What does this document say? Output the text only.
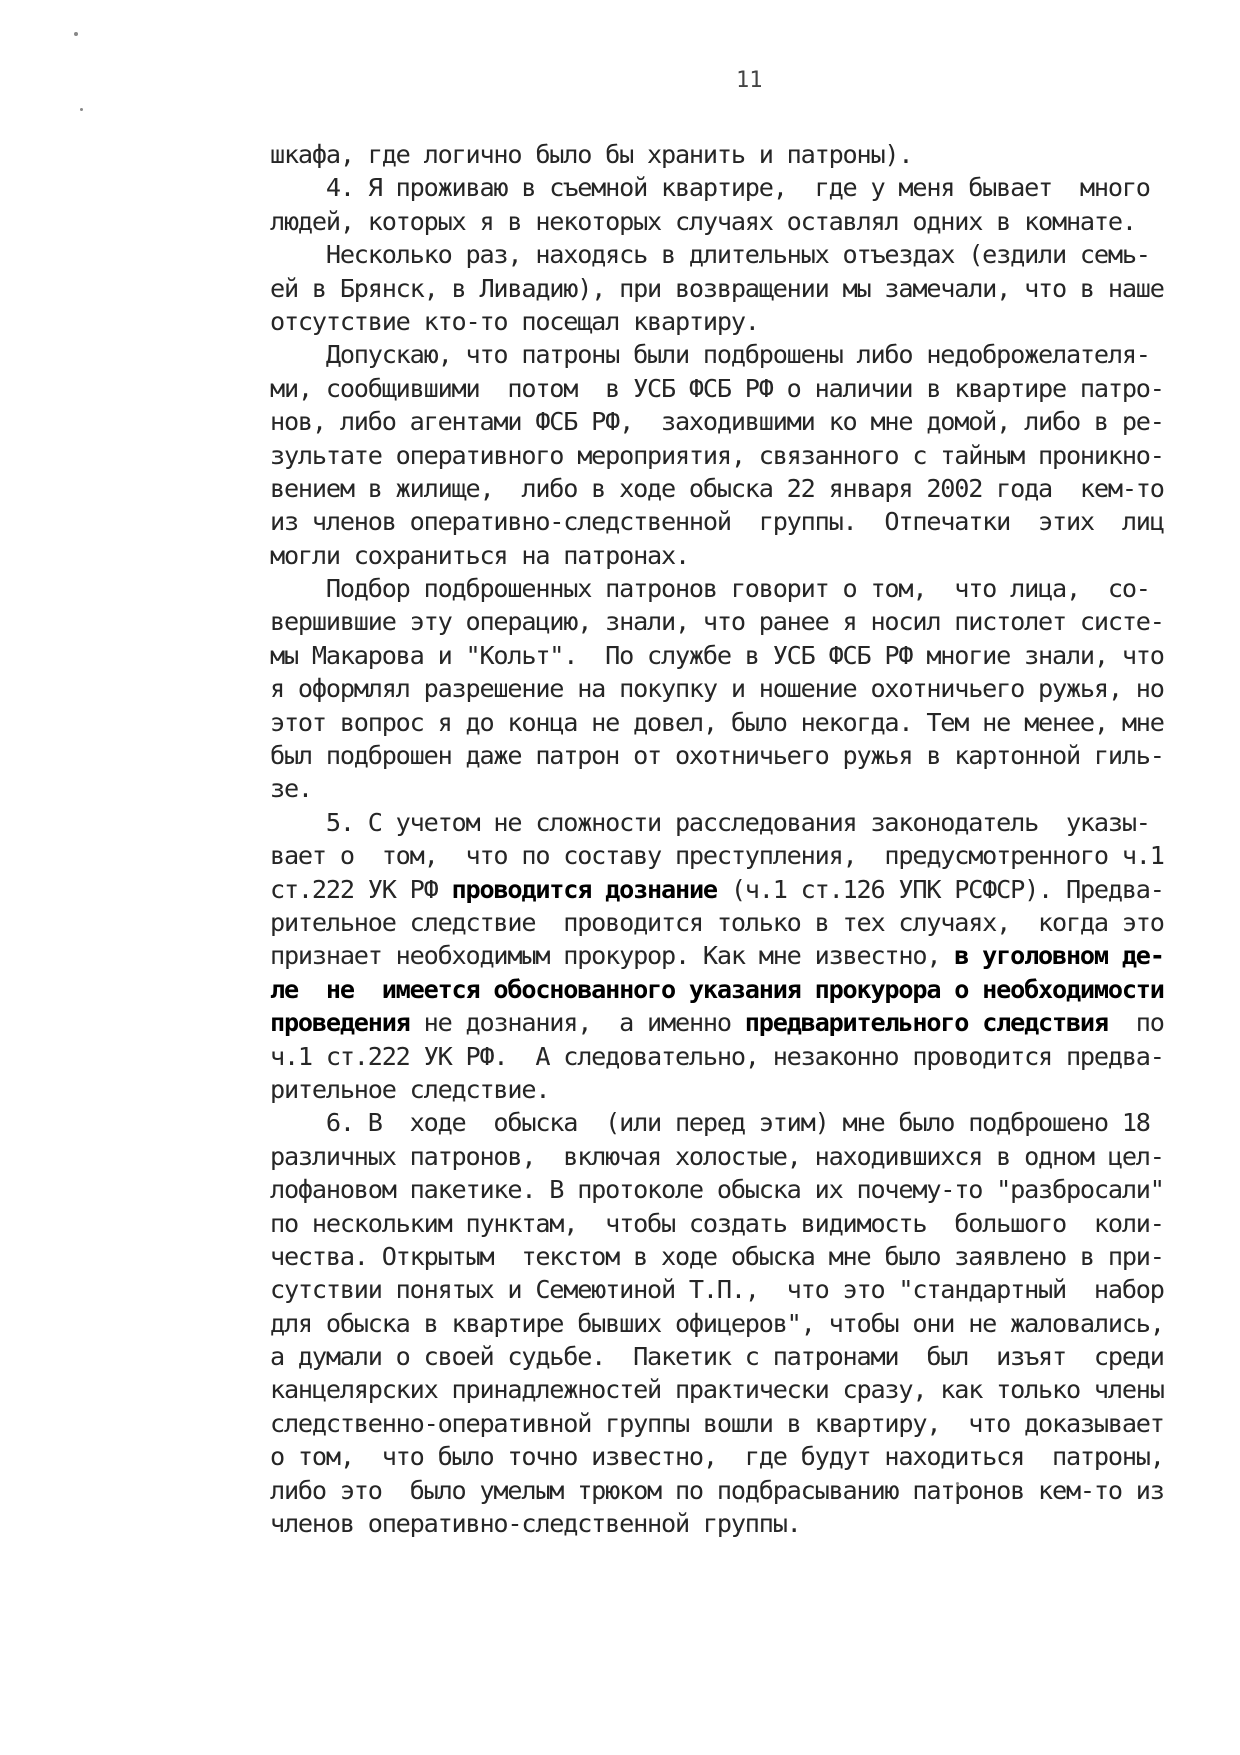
11
шкафа, где логично было бы хранить и патроны).
4. Я проживаю в съемной квартире,  где у меня бывает  много
людей, которых я в некоторых случаях оставлял одних в комнате.
Несколько раз, находясь в длительных отъездах (ездили семь-
ей в Брянск, в Ливадию), при возвращении мы замечали, что в наше
отсутствие кто-то посещал квартиру.
Допускаю, что патроны были подброшены либо недоброжелателя-
ми, сообщившими  потом  в УСБ ФСБ РФ о наличии в квартире патро-
нов, либо агентами ФСБ РФ,  заходившими ко мне домой, либо в ре-
зультате оперативного мероприятия, связанного с тайным проникно-
вением в жилище,  либо в ходе обыска 22 января 2002 года  кем-то
из членов оперативно-следственной  группы.  Отпечатки  этих  лиц
могли сохраниться на патронах.
Подбор подброшенных патронов говорит о том,  что лица,  со-
вершившие эту операцию, знали, что ранее я носил пистолет систе-
мы Макарова и "Кольт".  По службе в УСБ ФСБ РФ многие знали, что
я оформлял разрешение на покупку и ношение охотничьего ружья, но
этот вопрос я до конца не довел, было некогда. Тем не менее, мне
был подброшен даже патрон от охотничьего ружья в картонной гиль-
зе.
5. С учетом не сложности расследования законодатель  указы-
вает о  том,  что по составу преступления,  предусмотренного ч.1
ст.222 УК РФ проводится дознание (ч.1 ст.126 УПК РСФСР). Предва-
рительное следствие  проводится только в тех случаях,  когда это
признает необходимым прокурор. Как мне известно, в уголовном де-
ле  не  имеется обоснованного указания прокурора о необходимости
проведения не дознания,  а именно предварительного следствия  по
ч.1 ст.222 УК РФ.  А следовательно, незаконно проводится предва-
рительное следствие.
6. В  ходе  обыска  (или перед этим) мне было подброшено 18
различных патронов,  включая холостые, находившихся в одном цел-
лофановом пакетике. В протоколе обыска их почему-то "разбросали"
по нескольким пунктам,  чтобы создать видимость  большого  коли-
чества. Открытым  текстом в ходе обыска мне было заявлено в при-
сутствии понятых и Семеютиной Т.П.,  что это "стандартный  набор
для обыска в квартире бывших офицеров", чтобы они не жаловались,
а думали о своей судьбе.  Пакетик с патронами  был  изъят  среди
канцелярских принадлежностей практически сразу, как только члены
следственно-оперативной группы вошли в квартиру,  что доказывает
о том,  что было точно известно,  где будут находиться  патроны,
либо это  было умелым трюком по подбрасыванию патронов кем-то из
членов оперативно-следственной группы.
